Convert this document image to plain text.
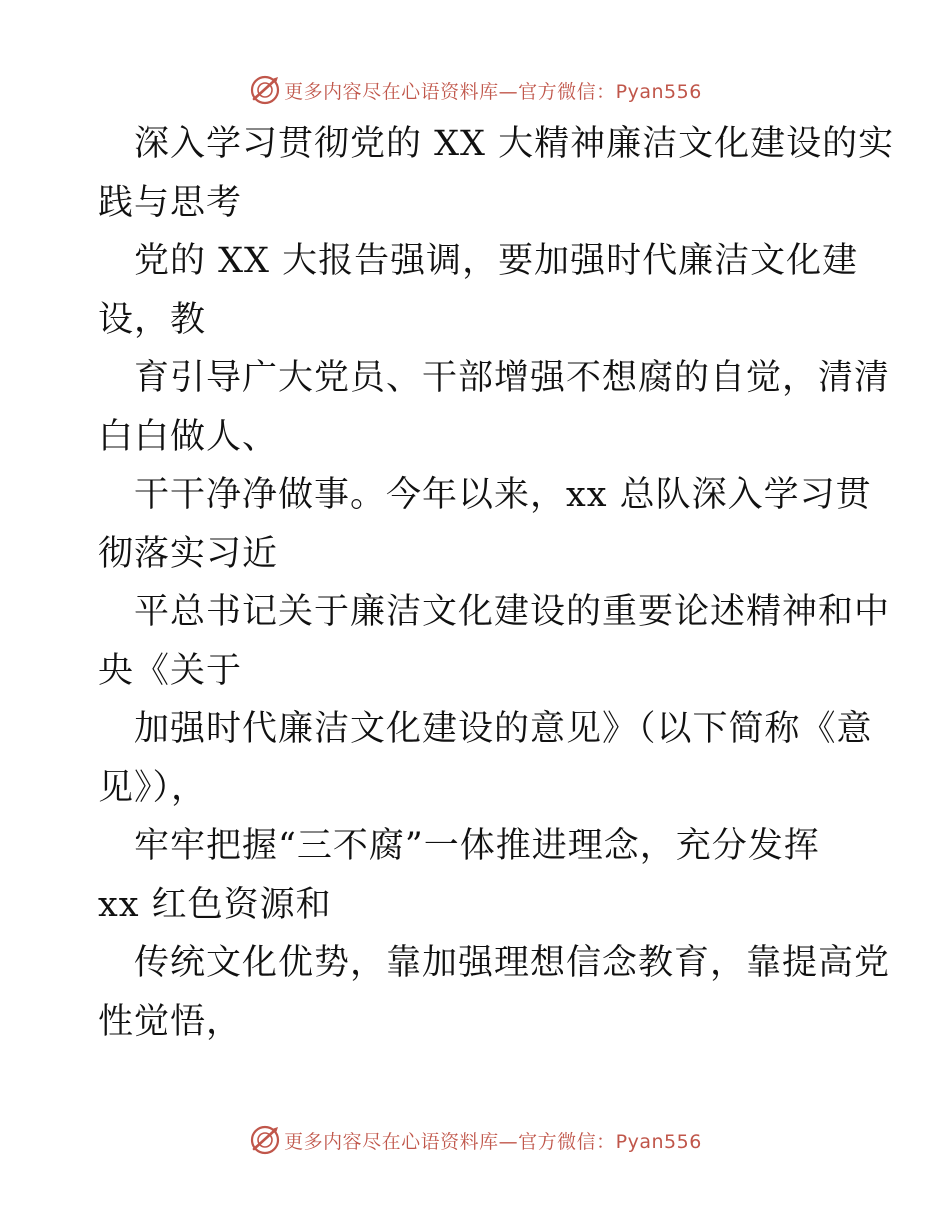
更多内容尽在心语资料库—官方微信：Pyan556
深入学习贯彻党的 XX 大精神廉洁文化建设的实
践与思考
党的 XX 大报告强调，要加强时代廉洁文化建
设，教
育引导广大党员、干部增强不想腐的自觉，清清
白白做人、
干干净净做事。今年以来，xx 总队深入学习贯
彻落实习近
平总书记关于廉洁文化建设的重要论述精神和中
央《关于
加强时代廉洁文化建设的意见》（以下简称《意
见》），
牢牢把握“三不腐”一体推进理念，充分发挥
xx 红色资源和
传统文化优势，靠加强理想信念教育，靠提高党
性觉悟，
更多内容尽在心语资料库—官方微信：Pyan556
